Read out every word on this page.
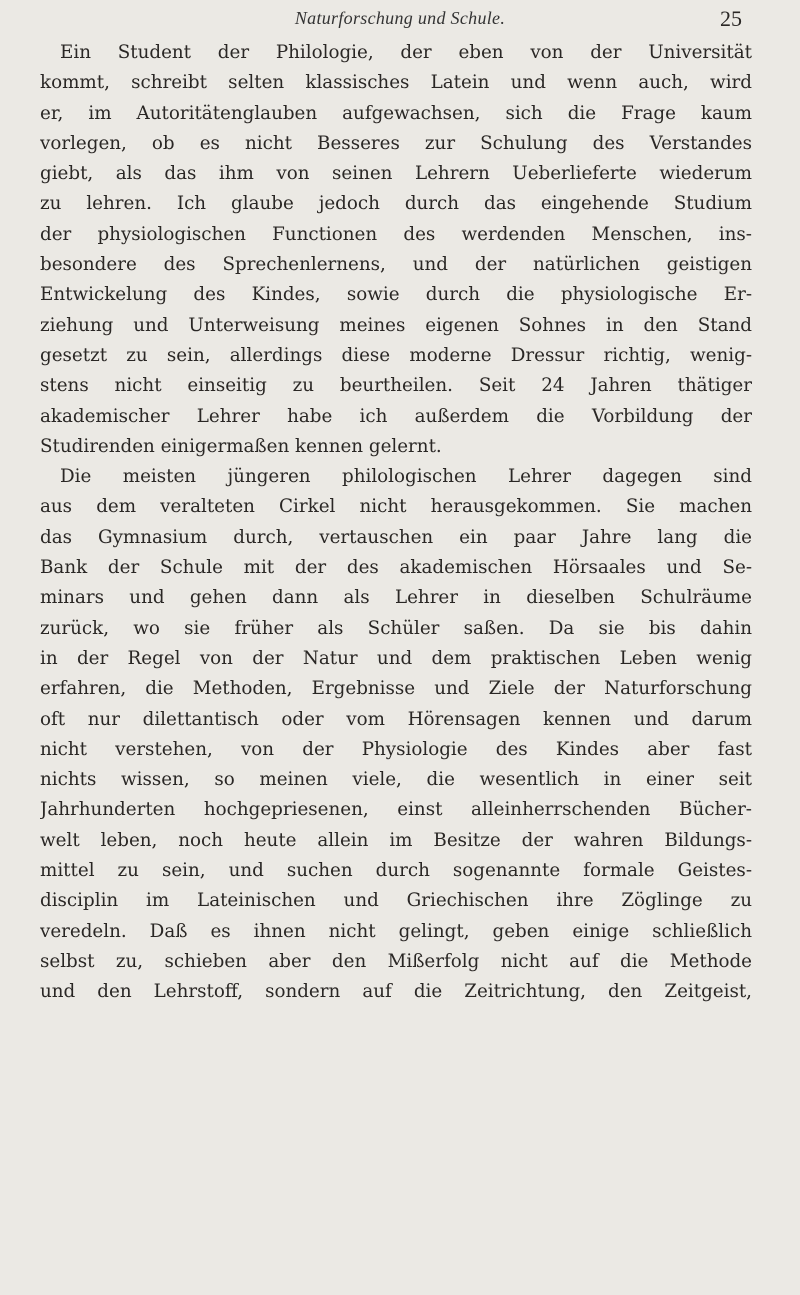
Naturforschung und Schule.	25
Ein Student der Philologie, der eben von der Universität
kommt, schreibt selten klassisches Latein und wenn auch, wird
er, im Autoritätenglauben aufgewachsen, sich die Frage kaum
vorlegen, ob es nicht Besseres zur Schulung des Verstandes
giebt, als das ihm von seinen Lehrern Ueberlieferte wiederum
zu lehren. Ich glaube jedoch durch das eingehende Studium
der physiologischen Functionen des werdenden Menschen, ins-
besondere des Sprechenlernens, und der natürlichen geistigen
Entwickelung des Kindes, sowie durch die physiologische Er-
ziehung und Unterweisung meines eigenen Sohnes in den Stand
gesetzt zu sein, allerdings diese moderne Dressur richtig, wenig-
stens nicht einseitig zu beurtheilen. Seit 24 Jahren thätiger
akademischer Lehrer habe ich außerdem die Vorbildung der
Studirenden einigermaßen kennen gelernt.
Die meisten jüngeren philologischen Lehrer dagegen sind
aus dem veralteten Cirkel nicht herausgekommen. Sie machen
das Gymnasium durch, vertauschen ein paar Jahre lang die
Bank der Schule mit der des akademischen Hörsaales und Se-
minars und gehen dann als Lehrer in dieselben Schulräume
zurück, wo sie früher als Schüler saßen. Da sie bis dahin
in der Regel von der Natur und dem praktischen Leben wenig
erfahren, die Methoden, Ergebnisse und Ziele der Naturforschung
oft nur dilettantisch oder vom Hörensagen kennen und darum
nicht verstehen, von der Physiologie des Kindes aber fast
nichts wissen, so meinen viele, die wesentlich in einer seit
Jahrhunderten hochgepriesenen, einst alleinherrschenden Bücher-
welt leben, noch heute allein im Besitze der wahren Bildungs-
mittel zu sein, und suchen durch sogenannte formale Geistes-
disciplin im Lateinischen und Griechischen ihre Zöglinge zu
veredeln. Daß es ihnen nicht gelingt, geben einige schließlich
selbst zu, schieben aber den Mißerfolg nicht auf die Methode
und den Lehrstoff, sondern auf die Zeitrichtung, den Zeitgeist,
